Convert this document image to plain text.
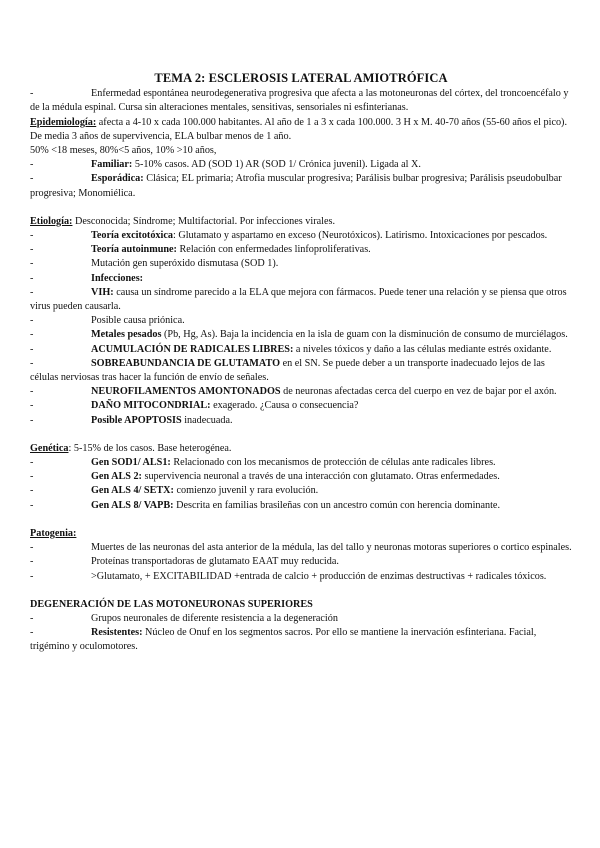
TEMA 2: ESCLEROSIS LATERAL AMIOTRÓFICA

-	Enfermedad espontánea neurodegenerativa progresiva que afecta a las motoneuronas del córtex, del troncoencéfalo y de la médula espinal. Cursa sin alteraciones mentales, sensitivas, sensoriales ni esfinterianas.

Epidemiología: afecta a 4-10 x cada 100.000 habitantes. Al año de 1 a 3 x cada 100.000. 3 H x M. 40-70 años (55-60 años el pico). De media 3 años de supervivencia, ELA bulbar menos de 1 año.

50% <18 meses, 80%<5 años, 10% >10 años,

-	Familiar: 5-10% casos. AD (SOD 1) AR (SOD 1/ Crónica juvenil). Ligada al X.

-	Esporádica: Clásica; EL primaria; Atrofia muscular progresiva; Parálisis bulbar progresiva; Parálisis pseudobulbar progresiva; Monomiélica.

Etiología: Desconocida; Síndrome; Multifactorial. Por infecciones virales.

-	Teoría excitotóxica: Glutamato y aspartamo en exceso (Neurotóxicos). Latirismo. Intoxicaciones por pescados.

-	Teoría autoinmune: Relación con enfermedades linfoproliferativas.

-	Mutación gen superóxido dismutasa (SOD 1).

-	Infecciones:

-	VIH: causa un síndrome parecido a la ELA que mejora con fármacos. Puede tener una relación y se piensa que otros virus pueden causarla.

-	Posible causa priónica.

-	Metales pesados (Pb, Hg, As). Baja la incidencia en la isla de guam con la disminución de consumo de murciélagos.

-	ACUMULACIÓN DE RADICALES LIBRES: a niveles tóxicos y daño a las células mediante estrés oxidante.

-	SOBREABUNDANCIA DE GLUTAMATO en el SN. Se puede deber a un transporte inadecuado lejos de las células nerviosas tras hacer la función de envío de señales.

-	NEUROFILAMENTOS AMONTONADOS de neuronas afectadas cerca del cuerpo en vez de bajar por el axón.

-	DAÑO MITOCONDRIAL: exagerado. ¿Causa o consecuencia?

-	Posible APOPTOSIS inadecuada.

Genética: 5-15% de los casos. Base heterogénea.

-	Gen SOD1/ ALS1: Relacionado con los mecanismos de protección de células ante radicales libres.

-	Gen ALS 2: supervivencia neuronal a través de una interacción con glutamato. Otras enfermedades.

-	Gen ALS 4/ SETX: comienzo juvenil y rara evolución.

-	Gen ALS 8/ VAPB: Descrita en familias brasileñas con un ancestro común con herencia dominante.

Patogenia:

-	Muertes de las neuronas del asta anterior de la médula, las del tallo y neuronas motoras superiores o cortico espinales.

-	Proteínas transportadoras de glutamato EAAT muy reducida.

-	>Glutamato, + EXCITABILIDAD +entrada de calcio + producción de enzimas destructivas + radicales tóxicos.

DEGENERACIÓN DE LAS MOTONEURONAS SUPERIORES

-	Grupos neuronales de diferente resistencia a la degeneración

-	Resistentes: Núcleo de Onuf en los segmentos sacros. Por ello se mantiene la inervación esfinteriana. Facial, trigémino y oculomotores.
